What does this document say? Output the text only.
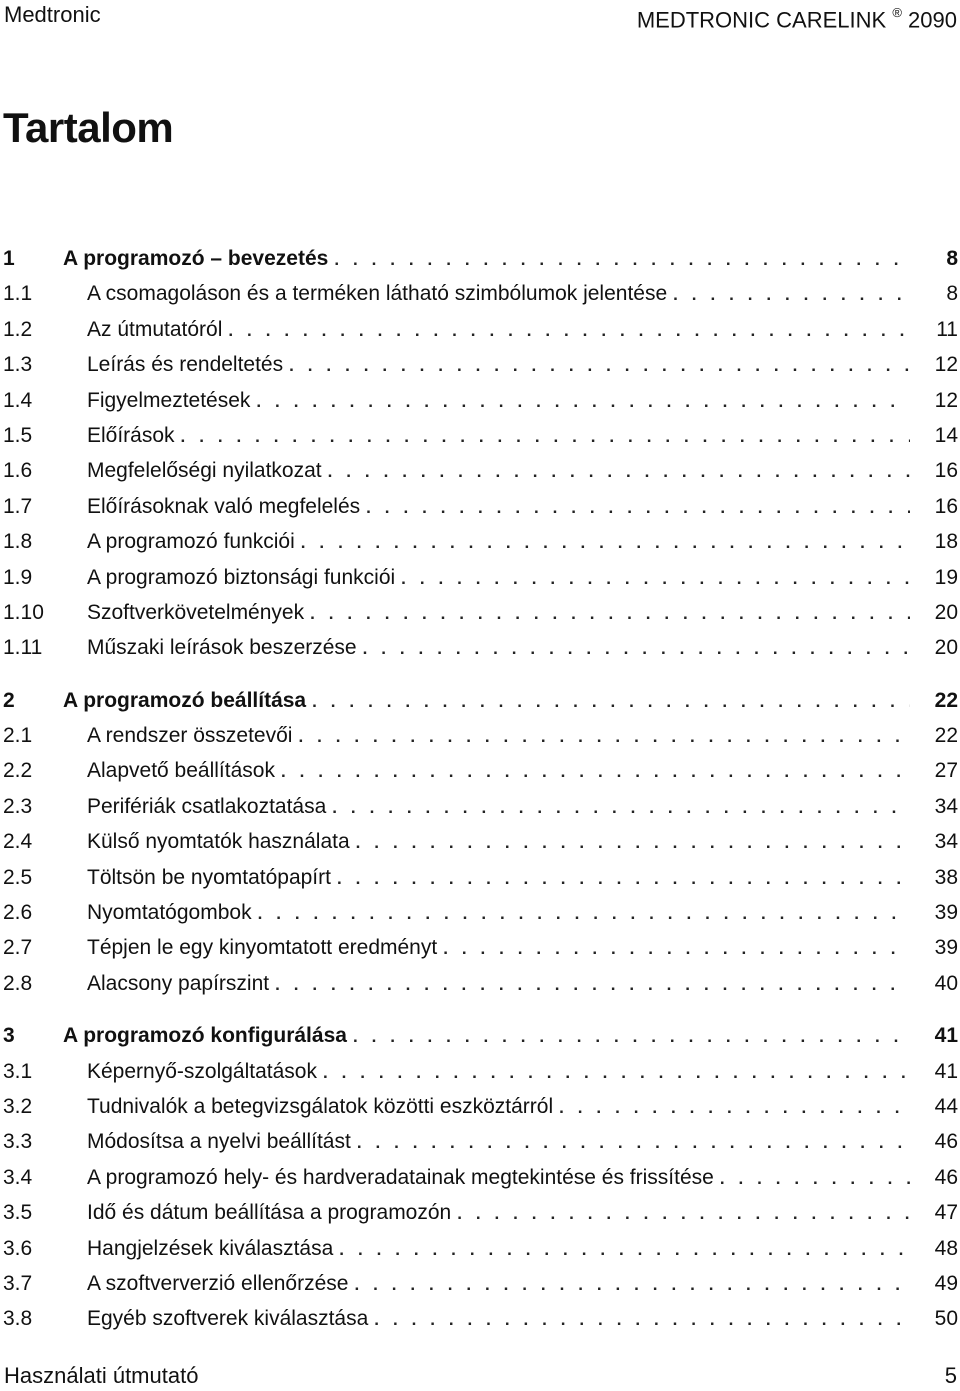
Medtronic	MEDTRONIC CARELINK ® 2090
Tartalom
1	A programozó – bevezetés . . .	8
1.1	A csomagoláson és a terméken látható szimbólumok jelentése . . .	8
1.2	Az útmutatóról . . .	11
1.3	Leírás és rendeltetés . . .	12
1.4	Figyelmeztetések . . .	12
1.5	Előírások . . .	14
1.6	Megfelelőségi nyilatkozat . . .	16
1.7	Előírásoknak való megfelelés . . .	16
1.8	A programozó funkciói . . .	18
1.9	A programozó biztonsági funkciói . . .	19
1.10	Szoftverkövetelmények . . .	20
1.11	Műszaki leírások beszerzése . . .	20
2	A programozó beállítása . . .	22
2.1	A rendszer összetevői . . .	22
2.2	Alapvető beállítások . . .	27
2.3	Perifériák csatlakoztatása . . .	34
2.4	Külső nyomtatók használata . . .	34
2.5	Töltsön be nyomtatópapírt . . .	38
2.6	Nyomtatógombok . . .	39
2.7	Tépjen le egy kinyomtatott eredményt . . .	39
2.8	Alacsony papírszint . . .	40
3	A programozó konfigurálása . . .	41
3.1	Képernyő-szolgáltatások . . .	41
3.2	Tudnivalók a betegvizsgálatok közötti eszköztárról . . .	44
3.3	Módosítsa a nyelvi beállítást . . .	46
3.4	A programozó hely- és hardveradatainak megtekintése és frissítése . . .	46
3.5	Idő és dátum beállítása a programozón . . .	47
3.6	Hangjelzések kiválasztása . . .	48
3.7	A szoftververzió ellenőrzése . . .	49
3.8	Egyéb szoftverek kiválasztása . . .	50
Használati útmutató	5
